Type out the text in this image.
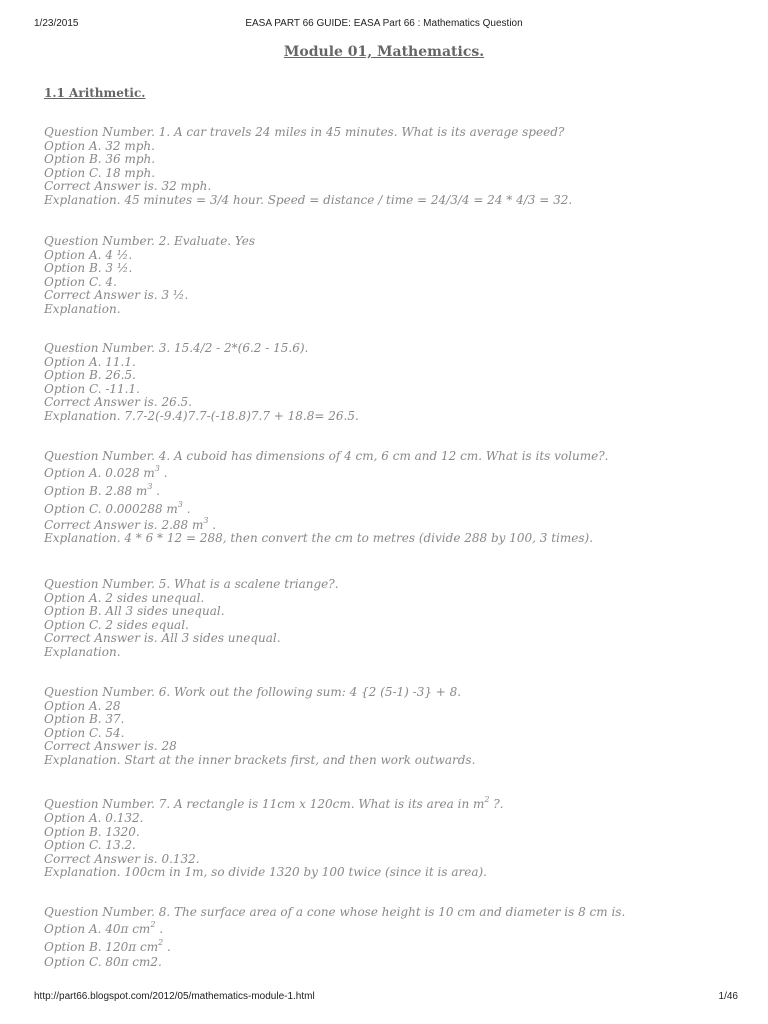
1/23/2015	EASA PART 66 GUIDE: EASA Part 66 : Mathematics Question
Module 01, Mathematics.
1.1 Arithmetic.
Question Number. 1. A car travels 24 miles in 45 minutes. What is its average speed?
Option A. 32 mph.
Option B. 36 mph.
Option C. 18 mph.
Correct Answer is. 32 mph.
Explanation. 45 minutes = 3/4 hour. Speed = distance / time = 24/3/4 = 24 * 4/3 = 32.
Question Number. 2. Evaluate. Yes
Option A. 4 ½.
Option B. 3 ½.
Option C. 4.
Correct Answer is. 3 ½.
Explanation.
Question Number. 3. 15.4/2 - 2*(6.2 - 15.6).
Option A. 11.1.
Option B. 26.5.
Option C. -11.1.
Correct Answer is. 26.5.
Explanation. 7.7-2(-9.4)7.7-(-18.8)7.7 + 18.8= 26.5.
Question Number. 4. A cuboid has dimensions of 4 cm, 6 cm and 12 cm. What is its volume?.
Option A. 0.028 $m^3$ .
Option B. 2.88 $m^3$ .
Option C. 0.000288 $m^3$ .
Correct Answer is. 2.88 $m^3$ .
Explanation. 4 * 6 * 12 = 288, then convert the cm to metres (divide 288 by 100, 3 times).
Question Number. 5. What is a scalene triange?.
Option A. 2 sides unequal.
Option B. All 3 sides unequal.
Option C. 2 sides equal.
Correct Answer is. All 3 sides unequal.
Explanation.
Question Number. 6. Work out the following sum: 4 {2 (5-1) -3} + 8.
Option A. 28
Option B. 37.
Option C. 54.
Correct Answer is. 28
Explanation. Start at the inner brackets first, and then work outwards.
Question Number. 7. A rectangle is 11cm x 120cm. What is its area in $m^2$ ?.
Option A. 0.132.
Option B. 1320.
Option C. 13.2.
Correct Answer is. 0.132.
Explanation. 100cm in 1m, so divide 1320 by 100 twice (since it is area).
Question Number. 8. The surface area of a cone whose height is 10 cm and diameter is 8 cm is.
Option A. 40π $cm^2$ .
Option B. 120π $cm^2$ .
Option C. 80π cm2.
http://part66.blogspot.com/2012/05/mathematics-module-1.html	1/46
